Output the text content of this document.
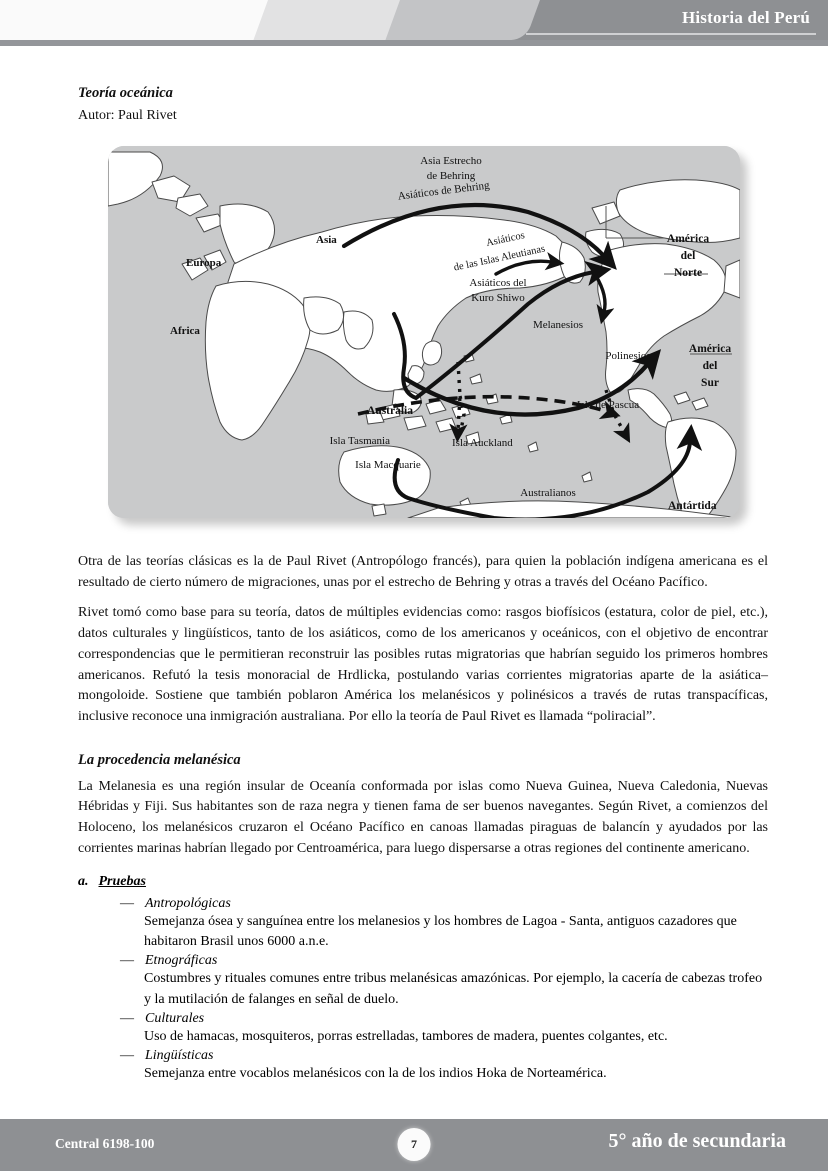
Historia del Perú
Teoría oceánica
Autor: Paul Rivet
Europa
Asia
Africa
Asia Estrecho
de Behring
Asiáticos de Behring
Asiáticos
de las Islas Aleutianas
Asiáticos del
Kuro Shiwo
América
del
Norte
Melanesios
Polinesios
Isla de Pascua
América
del
Sur
Australia
Isla Tasmania	Isla Auckland
Isla Macquarie
Australianos
Antártida

Otra de las teorías clásicas es la de Paul Rivet (Antropólogo francés), para quien la población indígena americana es el resultado de cierto número de migraciones, unas por el estrecho de Behring y otras a través del Océano Pacífico.

Rivet tomó como base para su teoría, datos de múltiples evidencias como: rasgos biofísicos (estatura, color de piel, etc.), datos culturales y lingüísticos, tanto de los asiáticos, como de los americanos y oceánicos, con el objetivo de encontrar correspondencias que le permitieran reconstruir las posibles rutas migratorias que habrían seguido los primeros hombres americanos. Refutó la tesis monoracial de Hrdlicka, postulando varias corrientes migratorias aparte de la asiática–mongoloide. Sostiene que también poblaron América los melanésicos y polinésicos a través de rutas transpacíficas, inclusive reconoce una inmigración australiana. Por ello la teoría de Paul Rivet es llamada “poliracial”.

La procedencia melanésica

La Melanesia es una región insular de Oceanía conformada por islas como Nueva Guinea, Nueva Caledonia, Nuevas Hébridas y Fiji. Sus habitantes son de raza negra y tienen fama de ser buenos navegantes. Según Rivet, a comienzos del Holoceno, los melanésicos cruzaron el Océano Pacífico en canoas llamadas piraguas de balancín y ayudados por las corrientes marinas habrían llegado por Centroamérica, para luego dispersarse a otras regiones del continente americano.

a. Pruebas
— Antropológicas
Semejanza ósea y sanguínea entre los melanesios y los hombres de Lagoa - Santa, antiguos cazadores que habitaron Brasil unos 6000 a.n.e.
— Etnográficas
Costumbres y rituales comunes entre tribus melanésicas amazónicas. Por ejemplo, la cacería de cabezas trofeo y la mutilación de falanges en señal de duelo.
— Culturales
Uso de hamacas, mosquiteros, porras estrelladas, tambores de madera, puentes colgantes, etc.
— Lingüísticas
Semejanza entre vocablos melanésicos con la de los indios Hoka de Norteamérica.
Central 6198-100	7	5° año de secundaria
